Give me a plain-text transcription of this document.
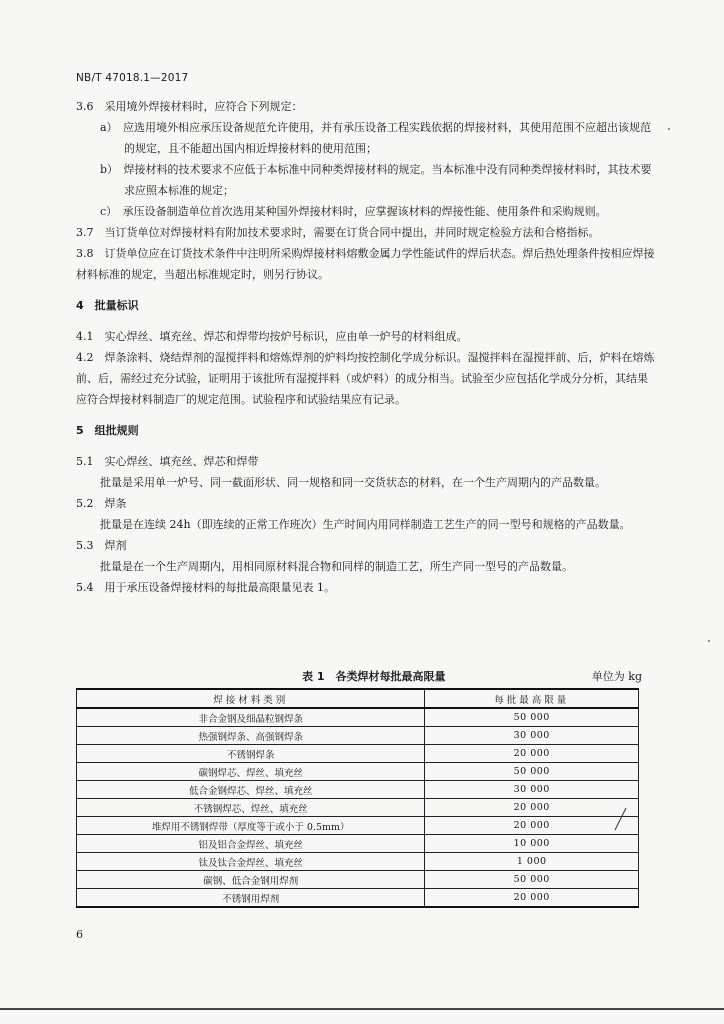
NB/T 47018.1—2017

3.6　采用境外焊接材料时，应符合下列规定：

a）　应选用境外相应承压设备规范允许使用，并有承压设备工程实践依据的焊接材料，其使用范围不应超出该规范的规定，且不能超出国内相近焊接材料的使用范围；

b）　焊接材料的技术要求不应低于本标准中同种类焊接材料的规定。当本标准中没有同种类焊接材料时，其技术要求应照本标准的规定；

c）　承压设备制造单位首次选用某种国外焊接材料时，应掌握该材料的焊接性能、使用条件和采购规则。

3.7　当订货单位对焊接材料有附加技术要求时，需要在订货合同中提出，并同时规定检验方法和合格指标。

3.8　订货单位应在订货技术条件中注明所采购焊接材料熔敷金属力学性能试件的焊后状态。焊后热处理条件按相应焊接材料标准的规定，当超出标准规定时，则另行协议。

4　批量标识

4.1　实心焊丝、填充丝、焊芯和焊带均按炉号标识，应由单一炉号的材料组成。

4.2　焊条涂料、烧结焊剂的湿搅拌料和熔炼焊剂的炉料均按控制化学成分标识。湿搅拌料在湿搅拌前、后，炉料在熔炼前、后，需经过充分试验，证明用于该批所有湿搅拌料（或炉料）的成分相当。试验至少应包括化学成分分析，其结果应符合焊接材料制造厂的规定范围。试验程序和试验结果应有记录。

5　组批规则

5.1　实心焊丝、填充丝、焊芯和焊带

批量是采用单一炉号、同一截面形状、同一规格和同一交货状态的材料，在一个生产周期内的产品数量。

5.2　焊条

批量是在连续 24h（即连续的正常工作班次）生产时间内用同样制造工艺生产的同一型号和规格的产品数量。

5.3　焊剂

批量是在一个生产周期内，用相同原材料混合物和同样的制造工艺，所生产同一型号的产品数量。

5.4　用于承压设备焊接材料的每批最高限量见表 1。

表 1　各类焊材每批最高限量	单位为 kg
焊接材料类别	每批最高限量
非合金钢及细晶粒钢焊条	50 000
热强钢焊条、高强钢焊条	30 000
不锈钢焊条	20 000
碳钢焊芯、焊丝、填充丝	50 000
低合金钢焊芯、焊丝、填充丝	30 000
不锈钢焊芯、焊丝、填充丝	20 000
堆焊用不锈钢焊带（厚度等于或小于 0.5mm）	20 000
铝及铝合金焊丝、填充丝	10 000
钛及钛合金焊丝、填充丝	1 000
碳钢、低合金钢用焊剂	50 000
不锈钢用焊剂	20 000
6
